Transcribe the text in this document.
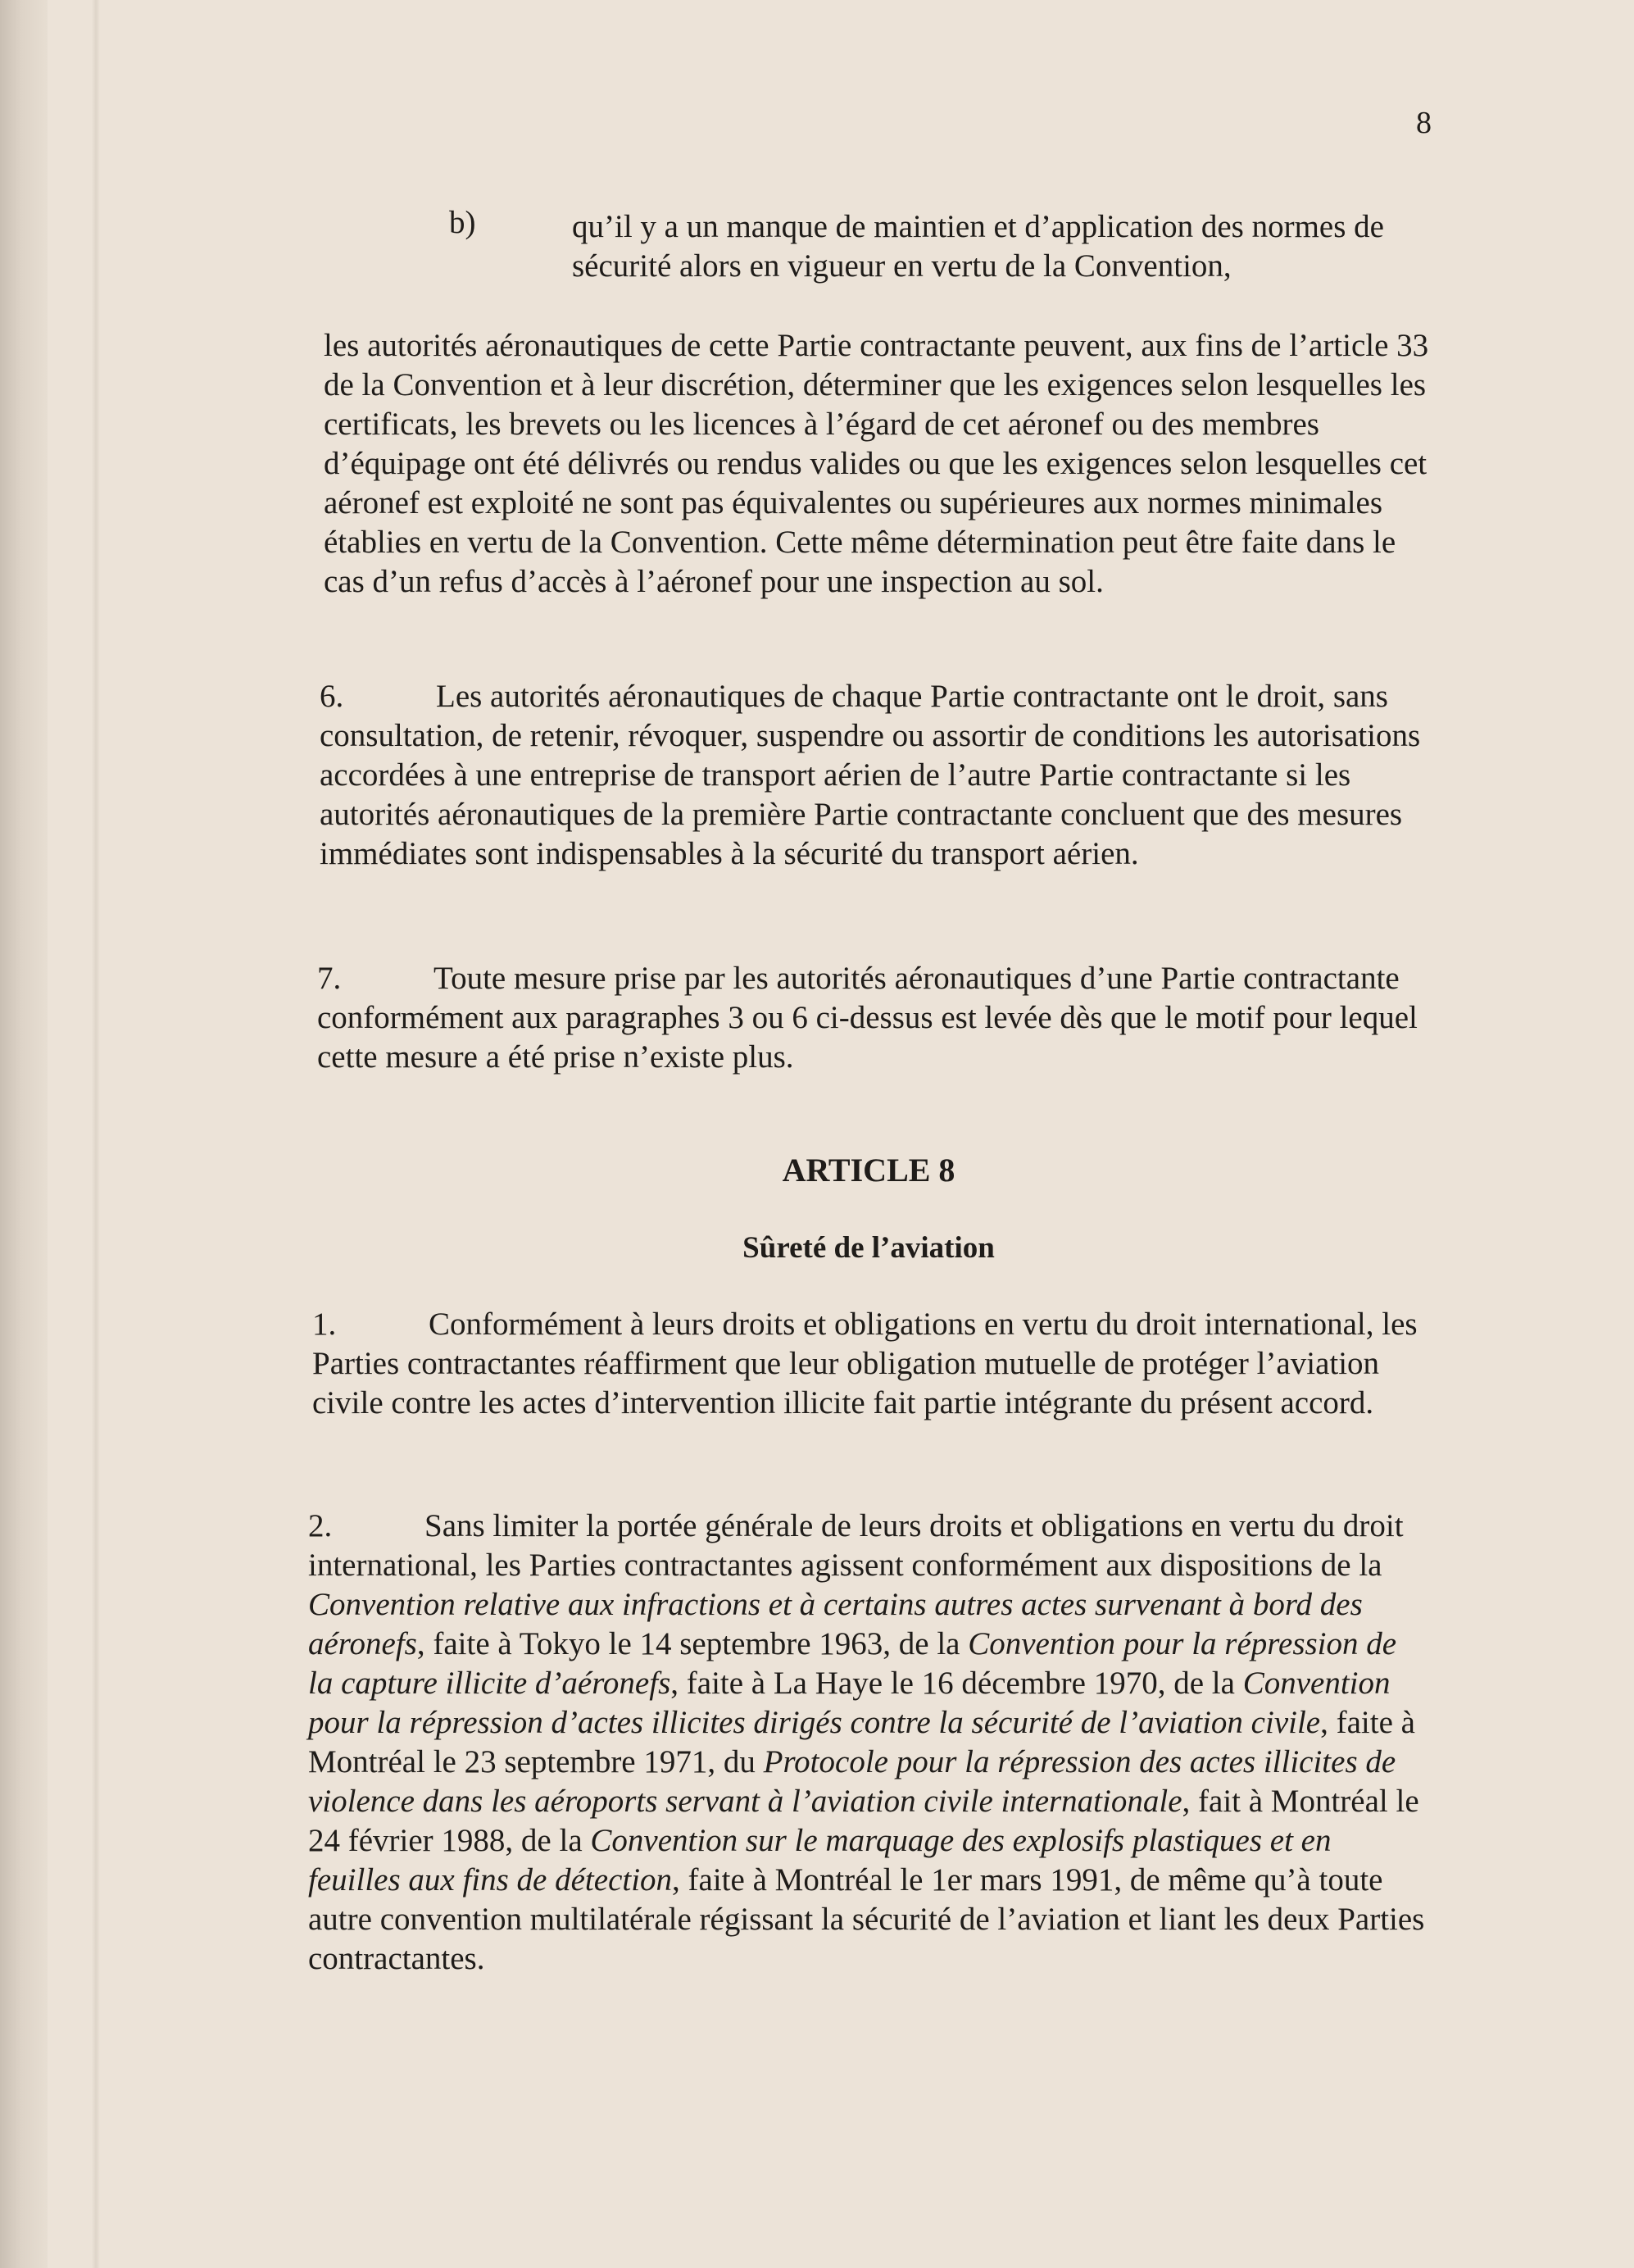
8
b)	qu’il y a un manque de maintien et d’application des normes de sécurité alors en vigueur en vertu de la Convention,
les autorités aéronautiques de cette Partie contractante peuvent, aux fins de l’article 33 de la Convention et à leur discrétion, déterminer que les exigences selon lesquelles les certificats, les brevets ou les licences à l’égard de cet aéronef ou des membres d’équipage ont été délivrés ou rendus valides ou que les exigences selon lesquelles cet aéronef est exploité ne sont pas équivalentes ou supérieures aux normes minimales établies en vertu de la Convention. Cette même détermination peut être faite dans le cas d’un refus d’accès à l’aéronef pour une inspection au sol.
6.	Les autorités aéronautiques de chaque Partie contractante ont le droit, sans consultation, de retenir, révoquer, suspendre ou assortir de conditions les autorisations accordées à une entreprise de transport aérien de l’autre Partie contractante si les autorités aéronautiques de la première Partie contractante concluent que des mesures immédiates sont indispensables à la sécurité du transport aérien.
7.	Toute mesure prise par les autorités aéronautiques d’une Partie contractante conformément aux paragraphes 3 ou 6 ci-dessus est levée dès que le motif pour lequel cette mesure a été prise n’existe plus.
ARTICLE 8
Sûreté de l’aviation
1.	Conformément à leurs droits et obligations en vertu du droit international, les Parties contractantes réaffirment que leur obligation mutuelle de protéger l’aviation civile contre les actes d’intervention illicite fait partie intégrante du présent accord.
2.	Sans limiter la portée générale de leurs droits et obligations en vertu du droit international, les Parties contractantes agissent conformément aux dispositions de la Convention relative aux infractions et à certains autres actes survenant à bord des aéronefs, faite à Tokyo le 14 septembre 1963, de la Convention pour la répression de la capture illicite d’aéronefs, faite à La Haye le 16 décembre 1970, de la Convention pour la répression d’actes illicites dirigés contre la sécurité de l’aviation civile, faite à Montréal le 23 septembre 1971, du Protocole pour la répression des actes illicites de violence dans les aéroports servant à l’aviation civile internationale, fait à Montréal le 24 février 1988, de la Convention sur le marquage des explosifs plastiques et en feuilles aux fins de détection, faite à Montréal le 1er mars 1991, de même qu’à toute autre convention multilatérale régissant la sécurité de l’aviation et liant les deux Parties contractantes.
